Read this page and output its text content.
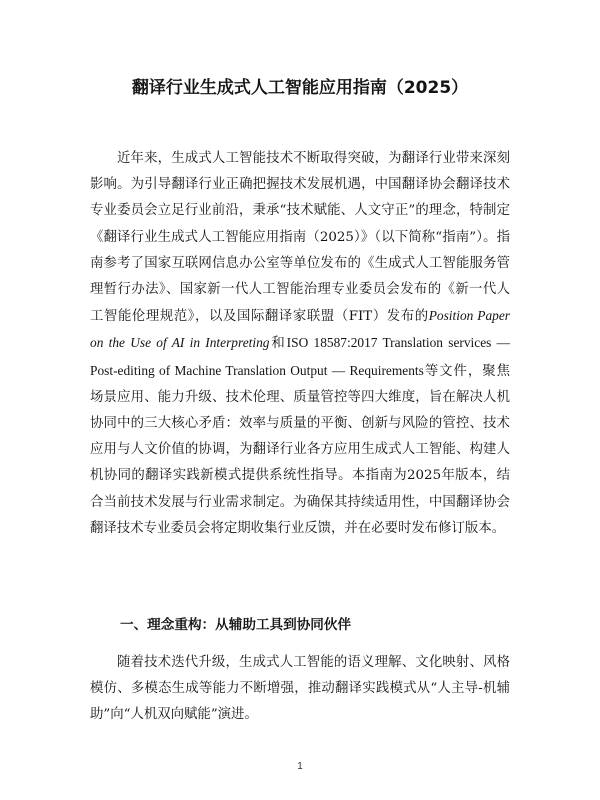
翻译行业生成式人工智能应用指南（2025）

近年来，生成式人工智能技术不断取得突破，为翻译行业带来深刻影响。为引导翻译行业正确把握技术发展机遇，中国翻译协会翻译技术专业委员会立足行业前沿，秉承“技术赋能、人文守正”的理念，特制定《翻译行业生成式人工智能应用指南（2025）》（以下简称“指南”）。指南参考了国家互联网信息办公室等单位发布的《生成式人工智能服务管理暂行办法》、国家新一代人工智能治理专业委员会发布的《新一代人工智能伦理规范》，以及国际翻译家联盟（FIT）发布的Position Paper on the Use of AI in Interpreting和ISO 18587:2017 Translation services — Post-editing of Machine Translation Output — Requirements等文件，聚焦场景应用、能力升级、技术伦理、质量管控等四大维度，旨在解决人机协同中的三大核心矛盾：效率与质量的平衡、创新与风险的管控、技术应用与人文价值的协调，为翻译行业各方应用生成式人工智能、构建人机协同的翻译实践新模式提供系统性指导。本指南为2025年版本，结合当前技术发展与行业需求制定。为确保其持续适用性，中国翻译协会翻译技术专业委员会将定期收集行业反馈，并在必要时发布修订版本。

一、理念重构：从辅助工具到协同伙伴

随着技术迭代升级，生成式人工智能的语义理解、文化映射、风格模仿、多模态生成等能力不断增强，推动翻译实践模式从“人主导-机辅助”向“人机双向赋能”演进。

1
